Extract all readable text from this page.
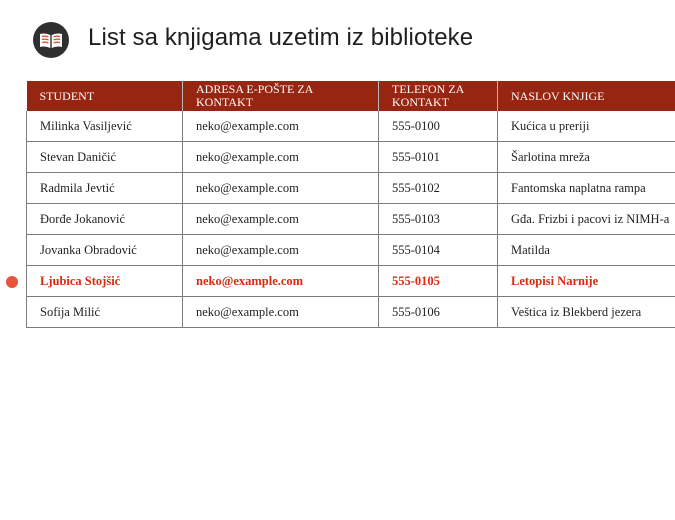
List sa knjigama uzetim iz biblioteke
STUDENT	ADRESA E-POŠTE ZA KONTAKT	TELEFON ZA KONTAKT	NASLOV KNJIGE
Milinka Vasiljević	neko@example.com	555-0100	Kućica u preriji
Stevan Daničić	neko@example.com	555-0101	Šarlotina mreža
Radmila Jevtić	neko@example.com	555-0102	Fantomska naplatna rampa
Đorđe Jokanović	neko@example.com	555-0103	Gđa. Frizbi i pacovi iz NIMH-a
Jovanka Obradović	neko@example.com	555-0104	Matilda
Ljubica Stojšić	neko@example.com	555-0105	Letopisi Narnije
Sofija Milić	neko@example.com	555-0106	Veštica iz Blekberd jezera
